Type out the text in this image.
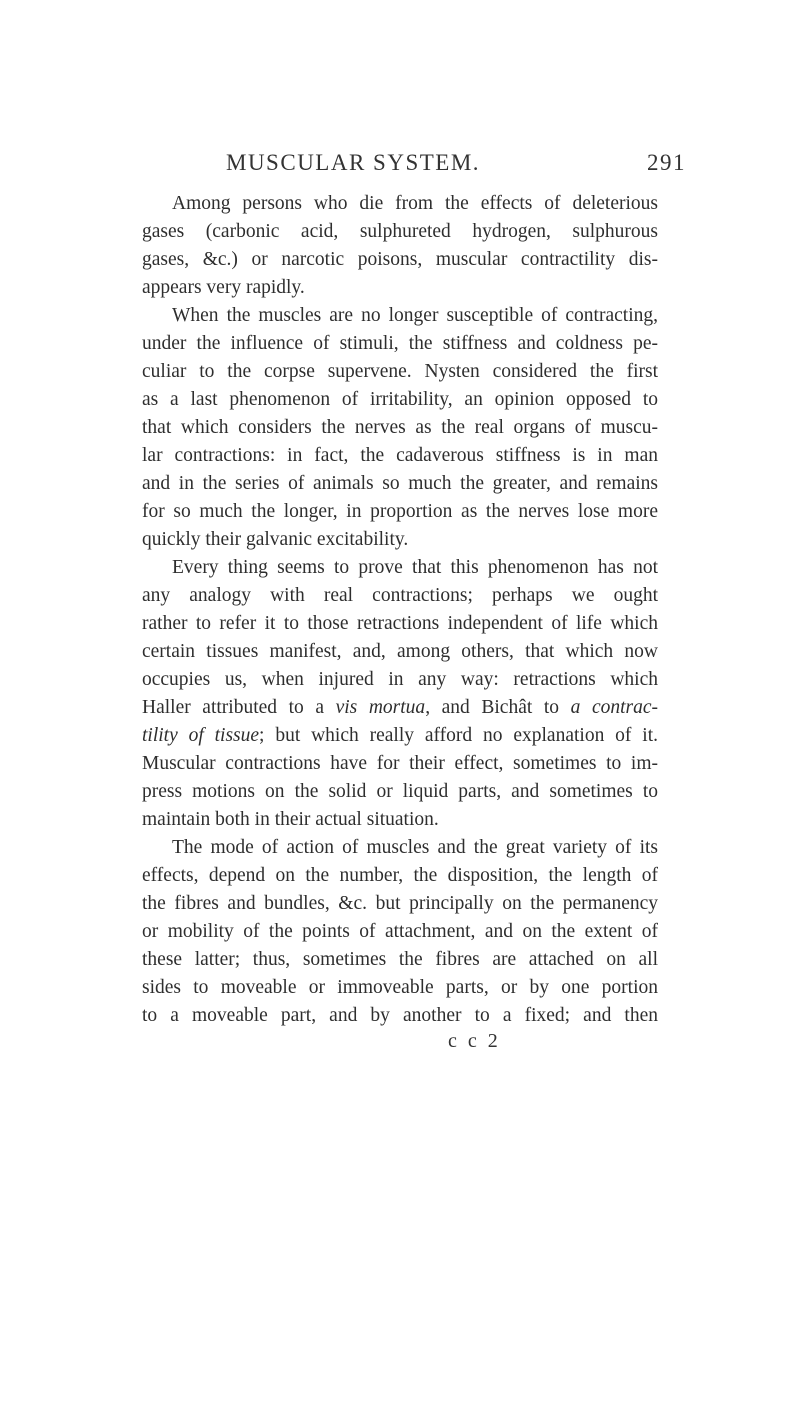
MUSCULAR SYSTEM.	291
Among persons who die from the effects of deleterious
gases (carbonic acid, sulphureted hydrogen, sulphurous
gases, &c.) or narcotic poisons, muscular contractility dis-
appears very rapidly.
When the muscles are no longer susceptible of contracting,
under the influence of stimuli, the stiffness and coldness pe-
culiar to the corpse supervene. Nysten considered the first
as a last phenomenon of irritability, an opinion opposed to
that which considers the nerves as the real organs of muscu-
lar contractions: in fact, the cadaverous stiffness is in man
and in the series of animals so much the greater, and remains
for so much the longer, in proportion as the nerves lose more
quickly their galvanic excitability.
Every thing seems to prove that this phenomenon has not
any analogy with real contractions; perhaps we ought
rather to refer it to those retractions independent of life which
certain tissues manifest, and, among others, that which now
occupies us, when injured in any way: retractions which
Haller attributed to a vis mortua, and Bichât to a contrac-
tility of tissue; but which really afford no explanation of it.
Muscular contractions have for their effect, sometimes to im-
press motions on the solid or liquid parts, and sometimes to
maintain both in their actual situation.
The mode of action of muscles and the great variety of its
effects, depend on the number, the disposition, the length of
the fibres and bundles, &c. but principally on the permanency
or mobility of the points of attachment, and on the extent of
these latter; thus, sometimes the fibres are attached on all
sides to moveable or immoveable parts, or by one portion
to a moveable part, and by another to a fixed; and then
c c 2
